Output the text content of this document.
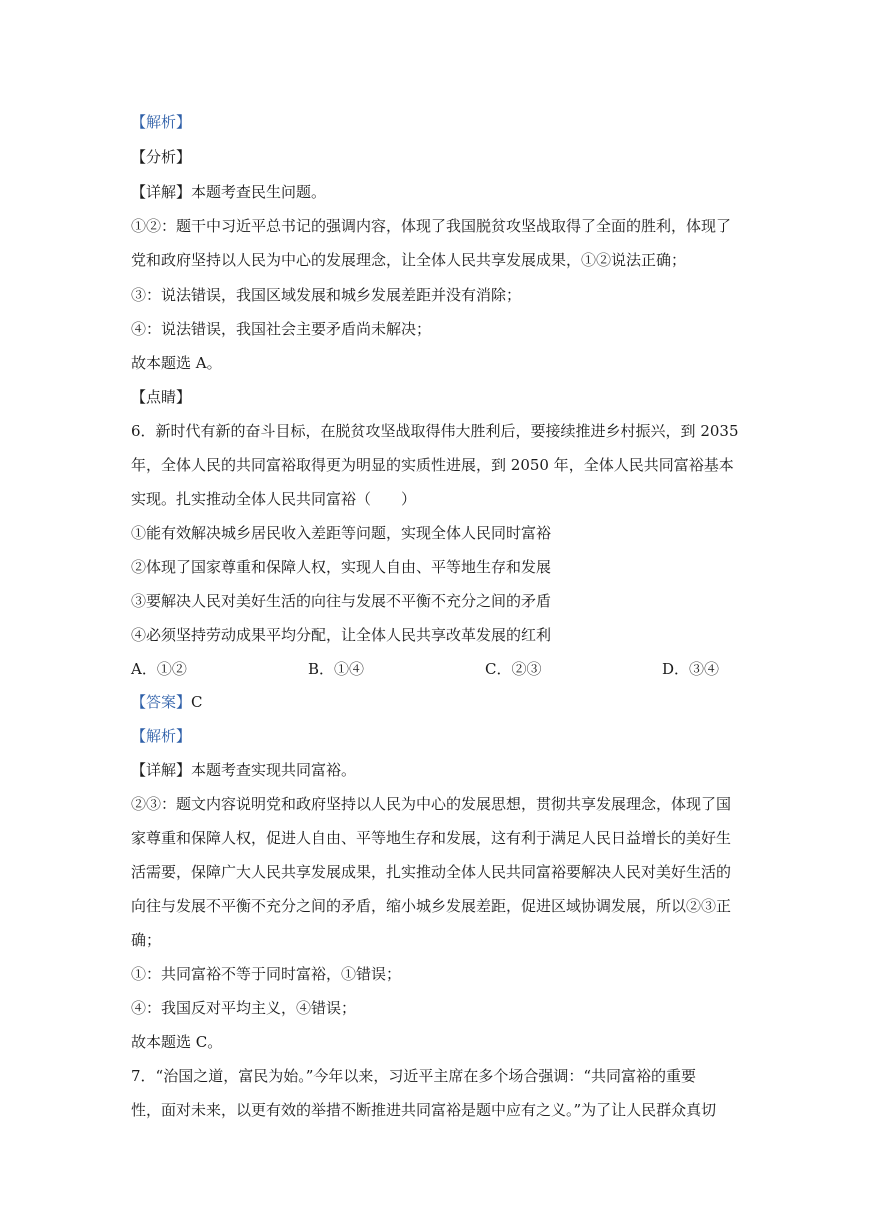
【解析】
【分析】
【详解】本题考查民生问题。
①②：题干中习近平总书记的强调内容，体现了我国脱贫攻坚战取得了全面的胜利，体现了
党和政府坚持以人民为中心的发展理念，让全体人民共享发展成果，①②说法正确；
③：说法错误，我国区域发展和城乡发展差距并没有消除；
④：说法错误，我国社会主要矛盾尚未解决；
故本题选 A。
【点睛】
6．新时代有新的奋斗目标，在脱贫攻坚战取得伟大胜利后，要接续推进乡村振兴，到 2035
年，全体人民的共同富裕取得更为明显的实质性进展，到 2050 年，全体人民共同富裕基本
实现。扎实推动全体人民共同富裕（　　）
①能有效解决城乡居民收入差距等问题，实现全体人民同时富裕
②体现了国家尊重和保障人权，实现人自由、平等地生存和发展
③要解决人民对美好生活的向往与发展不平衡不充分之间的矛盾
④必须坚持劳动成果平均分配，让全体人民共享改革发展的红利
A．①②	B．①④	C．②③	D．③④
【答案】C
【解析】
【详解】本题考查实现共同富裕。
②③：题文内容说明党和政府坚持以人民为中心的发展思想，贯彻共享发展理念，体现了国
家尊重和保障人权，促进人自由、平等地生存和发展，这有利于满足人民日益增长的美好生
活需要，保障广大人民共享发展成果，扎实推动全体人民共同富裕要解决人民对美好生活的
向往与发展不平衡不充分之间的矛盾，缩小城乡发展差距，促进区域协调发展，所以②③正
确；
①：共同富裕不等于同时富裕，①错误；
④：我国反对平均主义，④错误；
故本题选 C。
7．“治国之道，富民为始。”今年以来，习近平主席在多个场合强调：“共同富裕的重要
性，面对未来，以更有效的举措不断推进共同富裕是题中应有之义。”为了让人民群众真切
